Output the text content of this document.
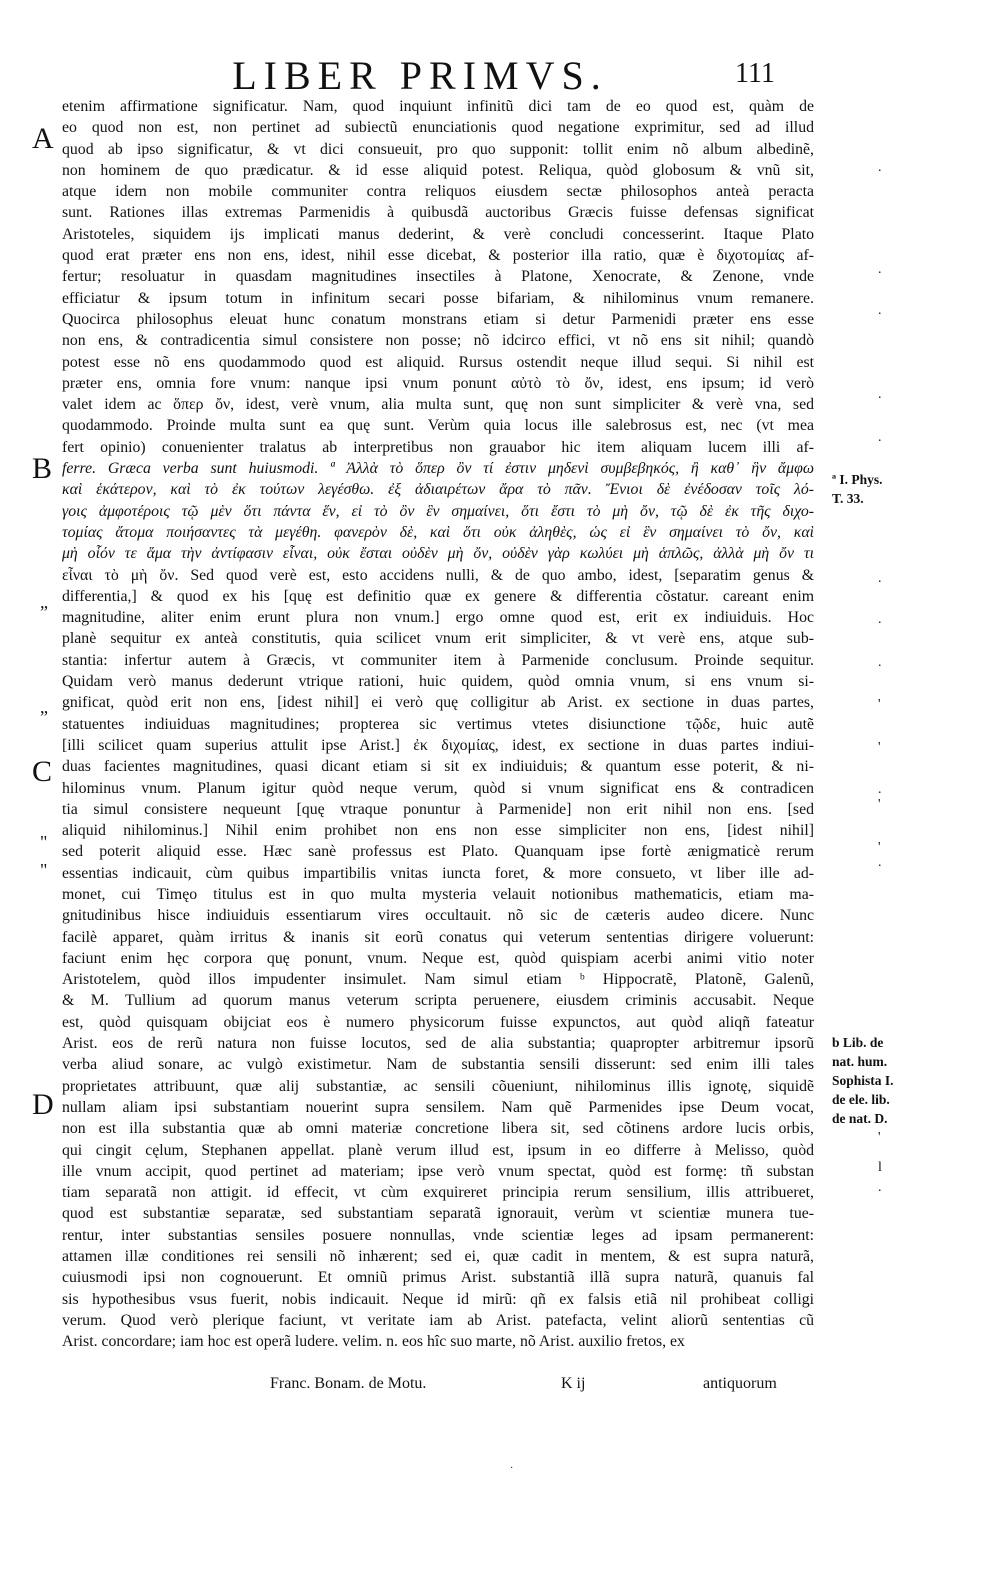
LIBER PRIMVS.	111
A
B
C
D
„
„
"
"
etenim affirmatione significatur. Nam, quod inquiunt infinitũ dici tam de eo quod est, quàm de
eo quod non est, non pertinet ad subiectũ enunciationis quod negatione exprimitur, sed ad illud
quod ab ipso significatur, & vt dici consueuit, pro quo supponit: tollit enim nõ album albedinẽ,
non hominem de quo prædicatur. & id esse aliquid potest. Reliqua, quòd globosum & vnũ sit,
atque idem non mobile communiter contra reliquos eiusdem sectæ philosophos anteà peracta
sunt. Rationes illas extremas Parmenidis à quibusdã auctoribus Græcis fuisse defensas significat
Aristoteles, siquidem ijs implicati manus dederint, & verè concludi concesserint. Itaque Plato
quod erat præter ens non ens, idest, nihil esse dicebat, & posterior illa ratio, quæ è διχοτομίας af-
fertur; resoluatur in quasdam magnitudines insectiles à Platone, Xenocrate, & Zenone, vnde
efficiatur & ipsum totum in infinitum secari posse bifariam, & nihilominus vnum remanere.
Quocirca philosophus eleuat hunc conatum monstrans etiam si detur Parmenidi præter ens esse
non ens, & contradicentia simul consistere non posse; nõ idcirco effici, vt nõ ens sit nihil; quandò
potest esse nõ ens quodammodo quod est aliquid. Rursus ostendit neque illud sequi. Si nihil est
præter ens, omnia fore vnum: nanque ipsi vnum ponunt αὐτὸ τὸ ὄν, idest, ens ipsum; id verò
valet idem ac ὅπερ ὄν, idest, verè vnum, alia multa sunt, quę non sunt simpliciter & verè vna, sed
quodammodo. Proinde multa sunt ea quę sunt. Verùm quia locus ille salebrosus est, nec (vt mea
fert opinio) conuenienter tralatus ab interpretibus non grauabor hic item aliquam lucem illi af-
ferre. Græca verba sunt huiusmodi. ª Ἀλλὰ τὸ ὅπερ ὂν τί ἐστιν μηδενὶ συμβεβηκός, ἢ καθ᾽ ἣν ἄμφω
καὶ ἑκάτερον, καὶ τὸ ἐκ τούτων λεγέσθω. ἐξ ἀδιαιρέτων ἄρα τὸ πᾶν. Ἔνιοι δὲ ἐνέδοσαν τοῖς λό-
γοις ἀμφοτέροις τῷ μὲν ὅτι πάντα ἕν, εἰ τὸ ὂν ἓν σημαίνει, ὅτι ἔστι τὸ μὴ ὄν, τῷ δὲ ἐκ τῆς διχο-
τομίας ἄτομα ποιήσαντες τὰ μεγέθη. φανερὸν δὲ, καὶ ὅτι οὐκ ἀληθὲς, ὡς εἰ ἓν σημαίνει τὸ ὄν, καὶ
μὴ οἷόν τε ἅμα τὴν ἀντίφασιν εἶναι, οὐκ ἔσται οὐδὲν μὴ ὄν, οὐδὲν γὰρ κωλύει μὴ ἁπλῶς, ἀλλὰ μὴ ὄν τι
εἶναι τὸ μὴ ὄν. Sed quod verè est, esto accidens nulli, & de quo ambo, idest, [separatim genus &
differentia,] & quod ex his [quę est definitio quæ ex genere & differentia cõstatur. careant enim
magnitudine, aliter enim erunt plura non vnum.] ergo omne quod est, erit ex indiuiduis. Hoc
planè sequitur ex anteà constitutis, quia scilicet vnum erit simpliciter, & vt verè ens, atque sub-
stantia: infertur autem à Græcis, vt communiter item à Parmenide conclusum. Proinde sequitur.
Quidam verò manus dederunt vtrique rationi, huic quidem, quòd omnia vnum, si ens vnum si-
gnificat, quòd erit non ens, [idest nihil] ei verò quę colligitur ab Arist. ex sectione in duas partes,
statuentes indiuiduas magnitudines; propterea sic vertimus vtetes disiunctione τῷδε, huic autẽ
[illi scilicet quam superius attulit ipse Arist.] ἐκ διχομίας, idest, ex sectione in duas partes indiui-
duas facientes magnitudines, quasi dicant etiam si sit ex indiuiduis; & quantum esse poterit, & ni-
hilominus vnum. Planum igitur quòd neque verum, quòd si vnum significat ens & contradicen
tia simul consistere nequeunt [quę vtraque ponuntur à Parmenide] non erit nihil non ens. [sed
aliquid nihilominus.] Nihil enim prohibet non ens non esse simpliciter non ens, [idest nihil]
sed poterit aliquid esse. Hæc sanè professus est Plato. Quanquam ipse fortè ænigmaticè rerum
essentias indicauit, cùm quibus impartibilis vnitas iuncta foret, & more consueto, vt liber ille ad-
monet, cui Timęo titulus est in quo multa mysteria velauit notionibus mathematicis, etiam ma-
gnitudinibus hisce indiuiduis essentiarum vires occultauit. nõ sic de cæteris audeo dicere. Nunc
facilè apparet, quàm irritus & inanis sit eorũ conatus qui veterum sententias dirigere voluerunt:
faciunt enim hęc corpora quę ponunt, vnum. Neque est, quòd quispiam acerbi animi vitio noter
Aristotelem, quòd illos impudenter insimulet. Nam simul etiam ᵇ Hippocratẽ, Platonẽ, Galenũ,
& M. Tullium ad quorum manus veterum scripta peruenere, eiusdem criminis accusabit. Neque
est, quòd quisquam obijciat eos è numero physicorum fuisse expunctos, aut quòd aliqñ fateatur
Arist. eos de rerũ natura non fuisse locutos, sed de alia substantia; quapropter arbitremur ipsorũ
verba aliud sonare, ac vulgò existimetur. Nam de substantia sensili disserunt: sed enim illi tales
proprietates attribuunt, quæ alij substantiæ, ac sensili cõueniunt, nihilominus illis ignotę, siquidẽ
nullam aliam ipsi substantiam nouerint supra sensilem. Nam quẽ Parmenides ipse Deum vocat,
non est illa substantia quæ ab omni materiæ concretione libera sit, sed cõtinens ardore lucis orbis,
qui cingit cęlum, Stephanen appellat. planè verum illud est, ipsum in eo differre à Melisso, quòd
ille vnum accipit, quod pertinet ad materiam; ipse verò vnum spectat, quòd est formę: tñ substan
tiam separatã non attigit. id effecit, vt cùm exquireret principia rerum sensilium, illis attribueret,
quod est substantiæ separatæ, sed substantiam separatã ignorauit, verùm vt scientiæ munera tue-
rentur, inter substantias sensiles posuere nonnullas, vnde scientiæ leges ad ipsam permanerent:
attamen illæ conditiones rei sensili nõ inhærent; sed ei, quæ cadit in mentem, & est supra naturã,
cuiusmodi ipsi non cognouerunt. Et omniũ primus Arist. substantiã illã supra naturã, quanuis fal
sis hypothesibus vsus fuerit, nobis indicauit. Neque id mirũ: qñ ex falsis etiã nil prohibeat colligi
verum. Quod verò plerique faciunt, vt veritate iam ab Arist. patefacta, velint aliorũ sententias cũ
Arist. concordare; iam hoc est operã ludere. velim. n. eos hîc suo marte, nõ Arist. auxilio fretos, ex
ª I. Phys.
T. 33.
b Lib. de
nat. hum.
Sophista I.
de ele. lib.
de nat. D.
.
.
.
.
.
.
.
.
'
'
.
'
'
.
'
.
l
Franc. Bonam. de Motu.	K ij	antiquorum
·
